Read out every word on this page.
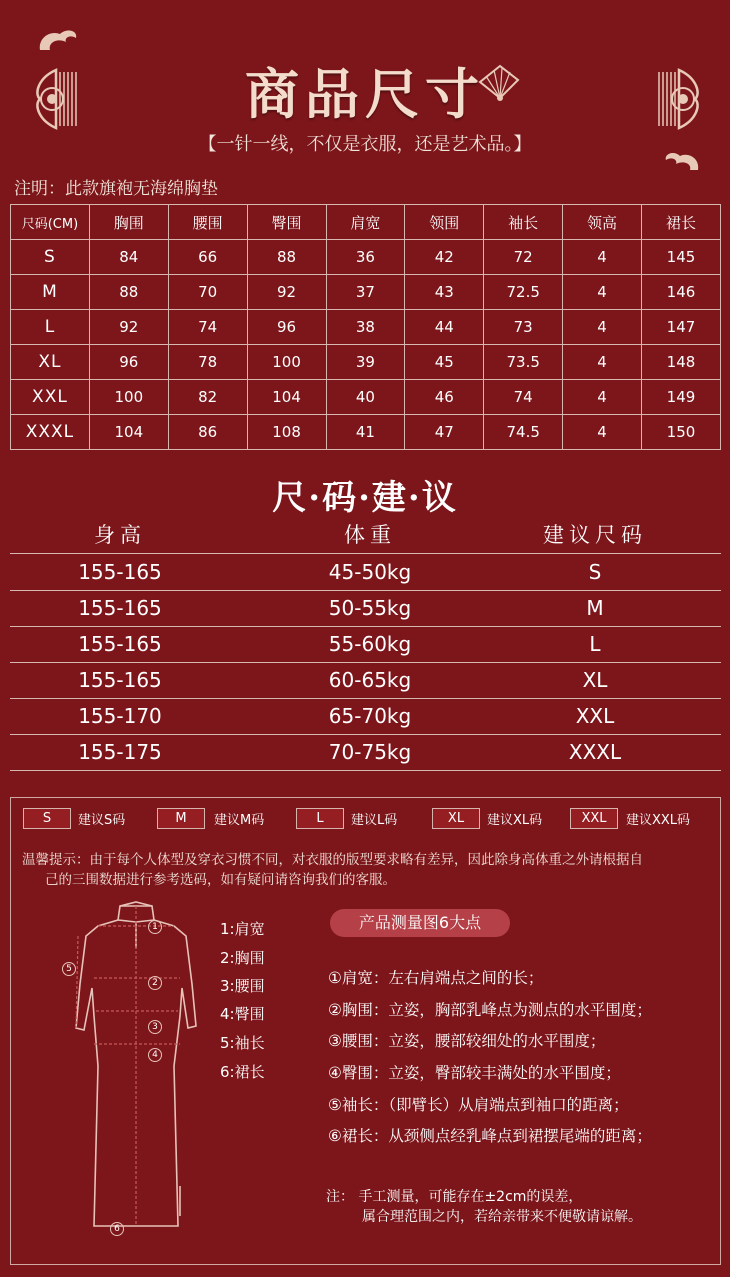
商品尺寸
【一针一线，不仅是衣服，还是艺术品。】
注明：此款旗袍无海绵胸垫
尺码(CM)	胸围	腰围	臀围	肩宽	领围	袖长	领高	裙长
S	84	66	88	36	42	72	4	145
M	88	70	92	37	43	72.5	4	146
L	92	74	96	38	44	73	4	147
XL	96	78	100	39	45	73.5	4	148
XXL	100	82	104	40	46	74	4	149
XXXL	104	86	108	41	47	74.5	4	150
尺·码·建·议
身高	体重	建议尺码
155-165	45-50kg	S
155-165	50-55kg	M
155-165	55-60kg	L
155-165	60-65kg	XL
155-170	65-70kg	XXL
155-175	70-75kg	XXXL
S	建议S码	M	建议M码	L	建议L码	XL	建议XL码	XXL	建议XXL码
温馨提示：由于每个人体型及穿衣习惯不同，对衣服的版型要求略有差异，因此除身高体重之外请根据自
己的三围数据进行参考选码，如有疑问请咨询我们的客服。
1
2
3
4
5
6
1:肩宽
2:胸围
3:腰围
4:臀围
5:袖长
6:裙长
产品测量图6大点
①肩宽：左右肩端点之间的长；
②胸围：立姿，胸部乳峰点为测点的水平围度；
③腰围：立姿，腰部较细处的水平围度；
④臀围：立姿，臀部较丰满处的水平围度；
⑤袖长：（即臂长）从肩端点到袖口的距离；
⑥裙长：从颈侧点经乳峰点到裙摆尾端的距离；
注： 手工测量，可能存在±2cm的误差，
属合理范围之内，若给亲带来不便敬请谅解。
